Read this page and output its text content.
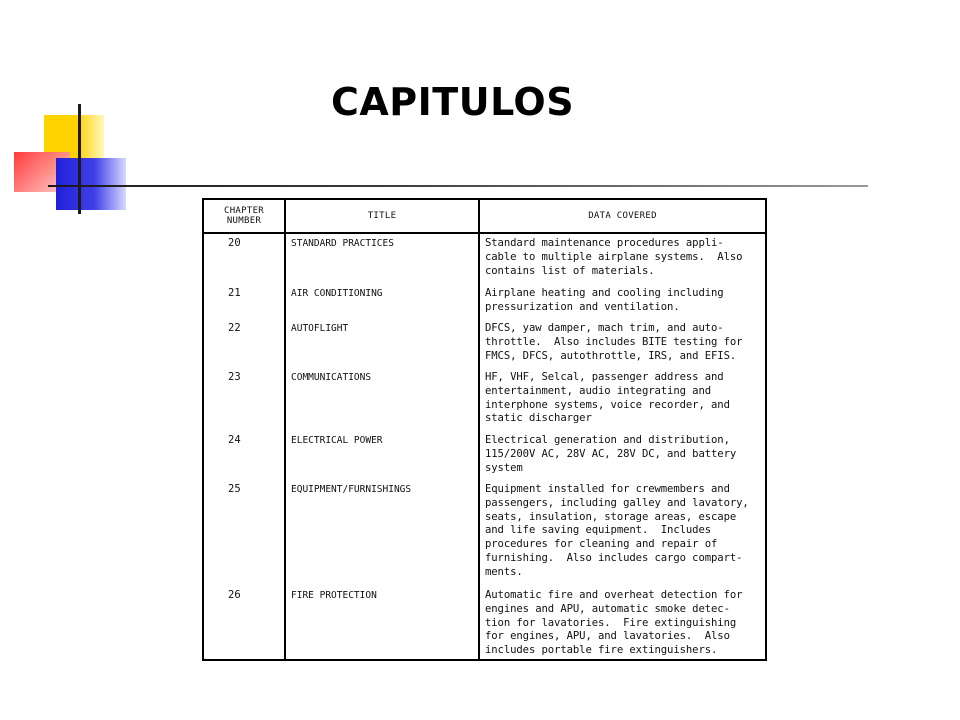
CAPITULOS
CHAPTER
NUMBER	TITLE	DATA COVERED
20
21
22
23
24
25
26
STANDARD PRACTICES
AIR CONDITIONING
AUTOFLIGHT
COMMUNICATIONS
ELECTRICAL POWER
EQUIPMENT/FURNISHINGS
FIRE PROTECTION
Standard maintenance procedures appli-
cable to multiple airplane systems.  Also
contains list of materials.
Airplane heating and cooling including
pressurization and ventilation.
DFCS, yaw damper, mach trim, and auto-
throttle.  Also includes BITE testing for
FMCS, DFCS, autothrottle, IRS, and EFIS.
HF, VHF, Selcal, passenger address and
entertainment, audio integrating and
interphone systems, voice recorder, and
static discharger
Electrical generation and distribution,
115/200V AC, 28V AC, 28V DC, and battery
system
Equipment installed for crewmembers and
passengers, including galley and lavatory,
seats, insulation, storage areas, escape
and life saving equipment.  Includes
procedures for cleaning and repair of
furnishing.  Also includes cargo compart-
ments.
Automatic fire and overheat detection for
engines and APU, automatic smoke detec-
tion for lavatories.  Fire extinguishing
for engines, APU, and lavatories.  Also
includes portable fire extinguishers.
